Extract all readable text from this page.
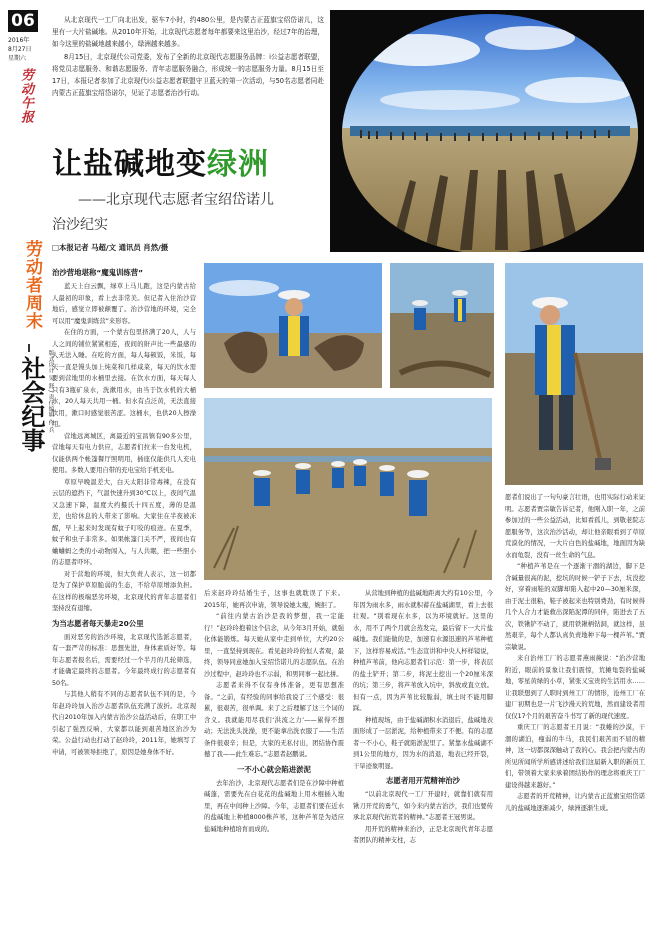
06
2016年
8月27日
星期六
劳动午报
劳动者周末
社会纪事 版式设计 吴 舒 / 责任编辑 佟 兵

从北京现代一工厂向北出发，驱车7小时，约480公里，是内蒙古正蓝旗宝绍岱诺儿，这里有一大片盐碱地。从2010年开始，北京现代志愿者每年都要来这里治沙，经过7年的治理，如今这里的盐碱地越来越小，绿洲越来越多。

8月15日，北京现代公司党委，发布了全新的北京现代志愿服务品牌：i公益志愿者联盟，将党员志愿服务、和谐志愿服务、青年志愿服务融合，形成统一的志愿服务力量。8月15日至17日，本报记者参加了北京现代i公益志愿者联盟守卫蓝天的第一次活动，与50名志愿者同赴内蒙古正蓝旗宝绍岱诺尔，见证了志愿者治沙行动。

让盐碱地变绿洲
——北京现代志愿者宝绍岱诺儿
治沙纪实
□本报记者 马超/文 通讯员 肖然/摄
治沙营地堪称“魔鬼训练营”

蓝天上白云飘，绿草上马儿跑，这是内蒙古给人最初的印象，看上去非常美。但记者入住治沙营地后，感觉立即被颠覆了。治沙营地的环境，完全可以用“魔鬼训练营”来形容。

在住的方面，一个蒙古包里挤满了20人，人与人之间的铺位紧紧相连，夜间的鼾声比一些最感的人无法入睡。在吃的方面，每人每顿饭，米饭，每天一直是馒头加上炖菜和几样咸菜，每天的饮水需要到营地里的水桶里去接。在饮水方面，每天每人只有3瓶矿泉水，洗漱用水，由当于饮水机的大桶水，20人每天共用一桶。但水有点泛黄，无法直接饮用，漱口时感觉很苦涩。这桶水，也供20人擦澡用。

营地远离城区，离最近的宝昌镇有90多公里，营地每天有电力供应，志愿者们拉来一台发电机，仅能供两个帐篷餐厅照明用，插座仅能供几人充电使用。多数人要用自带的充电宝给手机充电。

草原早晚温差大，白天太阳非常毒辣，在没有云层的遮挡下，气温快速升到30℃以上，夜间气温又急速下降，温度大约摄氏十四五度，薄的是温差，也给休息的人带来了影响。大家住在半夜被冻醒，早上起来时发现有蚊子叮咬的痕迹。在夏季，蚊子和虫子非常多。如果帐篷门关不严，夜间也有蛐蛐蚂之类的小动物闯入，与人共眠，把一些胆小的志愿者吓坏。

对于营地的环境，但大负责人表示，这一切都是为了保护草原脆弱的生态，不给草原增添负担。在这样的极端恶劣环境，北京现代的青年志愿者们坚持没有退缩。

为当志愿者每天暴走20公里

面对恶劣的治沙环境，北京现代选派志愿者，有一套严苛的标准：思想先进，身体素质好等。每年志愿者报名后，需要经过一个半月的几轮筛选，才能确定最终的志愿者。今年最终成行的志愿者有50名。

与其他人稍有不同的志愿者队伍不同的是，今年赵玲玲加入治沙志愿者队伍充满了波折。北京现代自2010年加入内蒙古治沙公益活动后，在职工中引起了强烈反响，大家都以能到艰苦地区治沙为荣。公益行动也打动了赵玲玲，2011年，她填写了申请，可被领导拒绝了，原因是她身体不好。

后来赵玲玲结婚生子，这事也就耽误了下来。2015年，她再次申请，领导说她太瘦，婉拒了。

“前往内蒙古治沙是我的梦想，我一定能行！”赵玲玲抱着这个信念，从今年3月开始，就强化体能锻炼。每天她从家中走到单位，大约20公里，一直坚持到现在。看见赵玲玲的恒人者观，最终，领导同意她加入宝绍岱诺儿的志愿队伍。在治沙过程中，赵玲玲也不示弱，和男同事一起比拼。

志愿者来得不仅有身体准备，更有思想准备。“之前，有经验的同事给我说了三个感受：很累，很艰苦，很单调。来了之后理解了这三个词的含义。我就能用尽我们‘洪流之力’——累得不想动；无法洗头洗澡，更不能拿出洗衣服了——生活条件很艰辛；但是，大家的无私付出，团结协作震撼了我——此生难忘。”志愿者赵鹏说。

一不小心就会陷进淤泥

去年治沙，北京现代志愿者们是在沙障中种植碱蓬，需要先在白花花的盐碱地上用木棍插入地里，再在中间种上沙障。今年，志愿者们要在近水的盐碱地上种植8000株芦苇，这种芦苇是为适应盐碱地种植培育而成的。

从营地到种植的盐碱地距离大约有10公里，今年因为雨水多，雨水就积蓄在盐碱湖里，看上去很壮观。“别看现在水多，以为环境就好。这里的水，用不了两个月就会蒸发完，最后留下一大片盐碱地。我们能做的是，加速有水源迅速的芦苇种植下，这样容易成活。”生态宣讲和中央人杯样镜说，种植芦苇前，他向志愿者们示范：第一步，将表层的盐土铲开；第二步，将泥土挖出一个20厘米深的坑；第三步，将芦苇放入坑中，斜放或直立放。但有一点，因为芦苇比较脆弱，填土时不能用脚踩。

种植现场，由于盐碱湖积水消退后，盐碱地表面形成了一层淤泥，给种植带来了不便。有的志愿者一不小心，鞋子就陷淤泥里了。紧靠水盐碱湖不到1公里的地方，因为水的消退，地表已经开裂，干旱迹象明显。

志愿者用开荒精神治沙

“以前北京现代一工厂开建时，就靠们就有用锹刀开荒的勇气，如今来内蒙古治沙，我们也要传承北京现代拓荒者的精神。”志愿者王冠男说。

用开荒的精神来治沙，正是北京现代青年志愿者团队的精神支柱，志

愿者们说出了一句句豪言壮语，也用实际行动来证明。志愿者贾宗敏告诉记者，他刚入职一年，之前参加过的一些公益活动，比如看孤儿，到敬老院志愿服务等，这次治沙活动，却让他亲眼看到了草原荒漠化的情况，一大片白色的盐碱地，地面因为缺水而龟裂，没有一丝生命的气息。

“种植芦苇是在一个逐渐干涸的湖边，脚下是含碱量很高的泥，挖坑的时候一铲子下去，坑没挖好，穿着雨鞋的双脚却陷入起中20—30厘米深，由于泥土很粘，鞋子被起来也特别费劲，有时候得几个人合力才能救出深陷泥潭的同伴，陷进去了五次，铁锹铲不动了，就用铁锹柄钻洞，就这样，虽然艰辛，每个人都认真负责地种下每一棵芦苇。”贾宗敏说。

来自治州工厂的志愿者燕雨薇说：“治沙营地附近，眼前的景象让我们震惊，荒摊龟裂的盐碱地，零星黄绿的小草，紧张又宝贵的生活用水……让我联想到了人职时到州工厂的情形，沧州工厂在建厂初期也是一片飞沙漫天的荒地，然而建设者用仅仅17个月的艰苦奋斗书写了新的现代速度。

重庆工厂的志愿者王月说：“我蜷的沙漠，干涸的湖泊，瘦弱的牛马，我民们艰苦而不屈的精神，这一切都深深触动了我的心。我会把内蒙古的所见所闻所学所感讲述给我们这届新入职的新员工们，带领着大家来承着团结协作的理念将重庆工厂建设得越来越好。”

志愿者的开荒精神，让内蒙古正蓝旗宝绍岱诺儿的盐碱地逐渐减少，绿洲逐渐生成。
